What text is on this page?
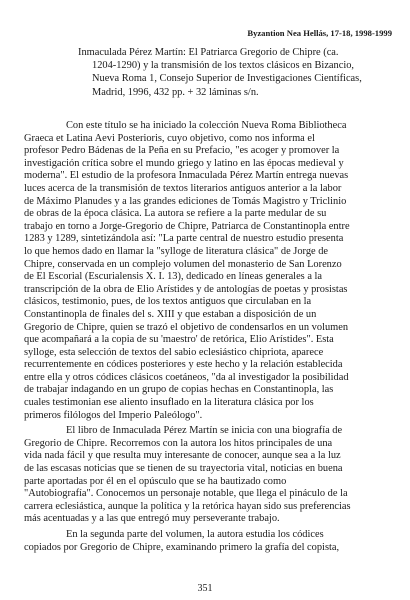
Byzantion Nea Hellás, 17-18, 1998-1999
Inmaculada Pérez Martín: El Patriarca Gregorio de Chipre (ca.
1204-1290) y la transmisión de los textos clásicos en Bizancio,
Nueva Roma 1, Consejo Superior de Investigaciones Científicas,
Madrid, 1996, 432 pp. + 32 láminas s/n.
Con este título se ha iniciado la colección Nueva Roma Bibliotheca
Graeca et Latina Aevi Posterioris, cuyo objetivo, como nos informa el
profesor Pedro Bádenas de la Peña en su Prefacio, "es acoger y promover la
investigación crítica sobre el mundo griego y latino en las épocas medieval y
moderna". El estudio de la profesora Inmaculada Pérez Martín entrega nuevas
luces acerca de la transmisión de textos literarios antiguos anterior a la labor
de Máximo Planudes y a las grandes ediciones de Tomás Magistro y Triclinio
de obras de la época clásica. La autora se refiere a la parte medular de su
trabajo en torno a Jorge-Gregorio de Chipre, Patriarca de Constantinopla entre
1283 y 1289, sintetizándola así: "La parte central de nuestro estudio presenta
lo que hemos dado en llamar la "sylloge de literatura clásica" de Jorge de
Chipre, conservada en un complejo volumen del monasterio de San Lorenzo
de El Escorial (Escurialensis X. I. 13), dedicado en líneas generales a la
transcripción de la obra de Elio Arístides y de antologías de poetas y prosistas
clásicos, testimonio, pues, de los textos antiguos que circulaban en la
Constantinopla de finales del s. XIII y que estaban a disposición de un
Gregorio de Chipre, quien se trazó el objetivo de condensarlos en un volumen
que acompañará a la copia de su 'maestro' de retórica, Elio Arístides". Esta
sylloge, esta selección de textos del sabio eclesiástico chipriota, aparece
recurrentemente en códices posteriores y este hecho y la relación establecida
entre ella y otros códices clásicos coetáneos, "da al investigador la posibilidad
de trabajar indagando en un grupo de copias hechas en Constantinopla, las
cuales testimonian ese aliento insuflado en la literatura clásica por los
primeros filólogos del Imperio Paleólogo".
El libro de Inmaculada Pérez Martín se inicia con una biografía de
Gregorio de Chipre. Recorremos con la autora los hitos principales de una
vida nada fácil y que resulta muy interesante de conocer, aunque sea a la luz
de las escasas noticias que se tienen de su trayectoria vital, noticias en buena
parte aportadas por él en el opúsculo que se ha bautizado como
"Autobiografía". Conocemos un personaje notable, que llega el pináculo de la
carrera eclesiástica, aunque la política y la retórica hayan sido sus preferencias
más acentuadas y a las que entregó muy perseverante trabajo.
En la segunda parte del volumen, la autora estudia los códices
copiados por Gregorio de Chipre, examinando primero la grafía del copista,
351
